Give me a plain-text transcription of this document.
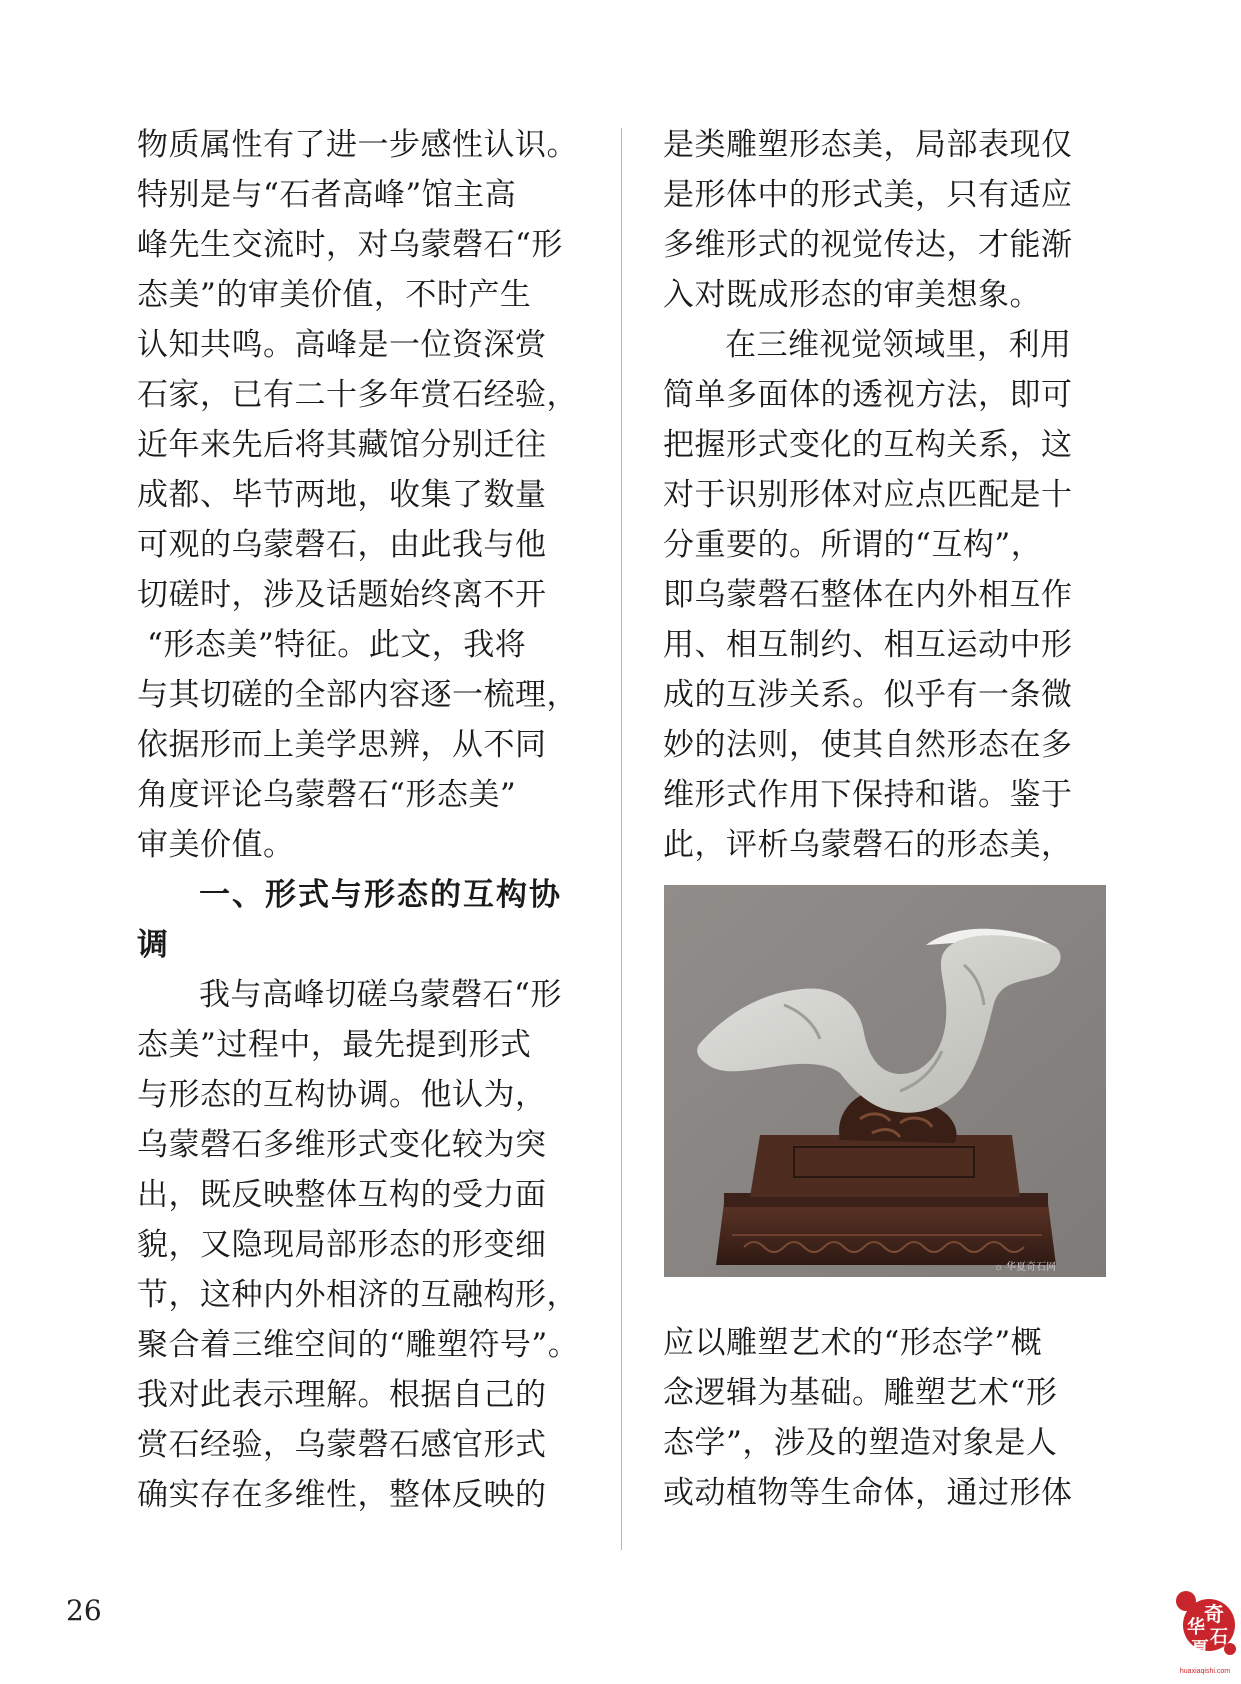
物质属性有了进一步感性认识。
特别是与“石者高峰”馆主高
峰先生交流时，对乌蒙磬石“形
态美”的审美价值，不时产生
认知共鸣。高峰是一位资深赏
石家，已有二十多年赏石经验，
近年来先后将其藏馆分别迁往
成都、毕节两地，收集了数量
可观的乌蒙磬石，由此我与他
切磋时，涉及话题始终离不开
“形态美”特征。此文，我将
与其切磋的全部内容逐一梳理，
依据形而上美学思辨，从不同
角度评论乌蒙磬石“形态美”
审美价值。
一、形式与形态的互构协
调
我与高峰切磋乌蒙磬石“形
态美”过程中，最先提到形式
与形态的互构协调。他认为，
乌蒙磬石多维形式变化较为突
出，既反映整体互构的受力面
貌，又隐现局部形态的形变细
节，这种内外相济的互融构形，
聚合着三维空间的“雕塑符号”。
我对此表示理解。根据自己的
赏石经验，乌蒙磬石感官形式
确实存在多维性，整体反映的
是类雕塑形态美，局部表现仅
是形体中的形式美，只有适应
多维形式的视觉传达，才能渐
入对既成形态的审美想象。
在三维视觉领域里，利用
简单多面体的透视方法，即可
把握形式变化的互构关系，这
对于识别形体对应点匹配是十
分重要的。所谓的“互构”，
即乌蒙磬石整体在内外相互作
用、相互制约、相互运动中形
成的互涉关系。似乎有一条微
妙的法则，使其自然形态在多
维形式作用下保持和谐。鉴于
此，评析乌蒙磬石的形态美，
☼ 华夏奇石网
应以雕塑艺术的“形态学”概
念逻辑为基础。雕塑艺术“形
态学”，涉及的塑造对象是人
或动植物等生命体，通过形体
26	奇
石
华
夏
huaxiaqishi.com
